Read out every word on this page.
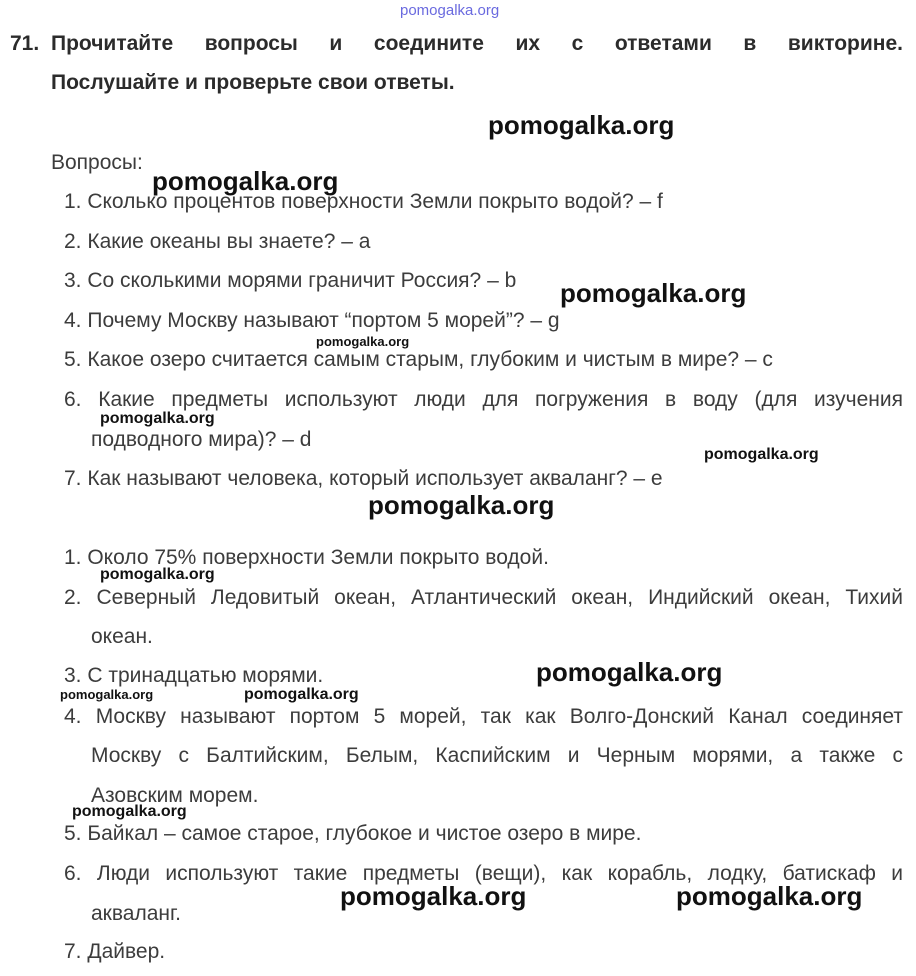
pomogalka.org
71. Прочитайте вопросы и соедините их с ответами в викторине.
Послушайте и проверьте свои ответы.
Вопросы:
1. Сколько процентов поверхности Земли покрыто водой? – f
2. Какие океаны вы знаете? – a
3. Со сколькими морями граничит Россия? – b
4. Почему Москву называют “портом 5 морей”? – g
5. Какое озеро считается самым старым, глубоким и чистым в мире? – c
6. Какие предметы используют люди для погружения в воду (для изучения
подводного мира)? – d
7. Как называют человека, который использует акваланг? – e
1. Около 75% поверхности Земли покрыто водой.
2. Северный Ледовитый океан, Атлантический океан, Индийский океан, Тихий
океан.
3. С тринадцатью морями.
4. Москву называют портом 5 морей, так как Волго-Донский Канал соединяет
Москву с Балтийским, Белым, Каспийским и Черным морями, а также с
Азовским морем.
5. Байкал – самое старое, глубокое и чистое озеро в мире.
6. Люди используют такие предметы (вещи), как корабль, лодку, батискаф и
акваланг.
7. Дайвер.
pomogalka.org
pomogalka.org
pomogalka.org
pomogalka.org
pomogalka.org
pomogalka.org
pomogalka.org
pomogalka.org
pomogalka.org
pomogalka.org	pomogalka.org
pomogalka.org
pomogalka.org	pomogalka.org
